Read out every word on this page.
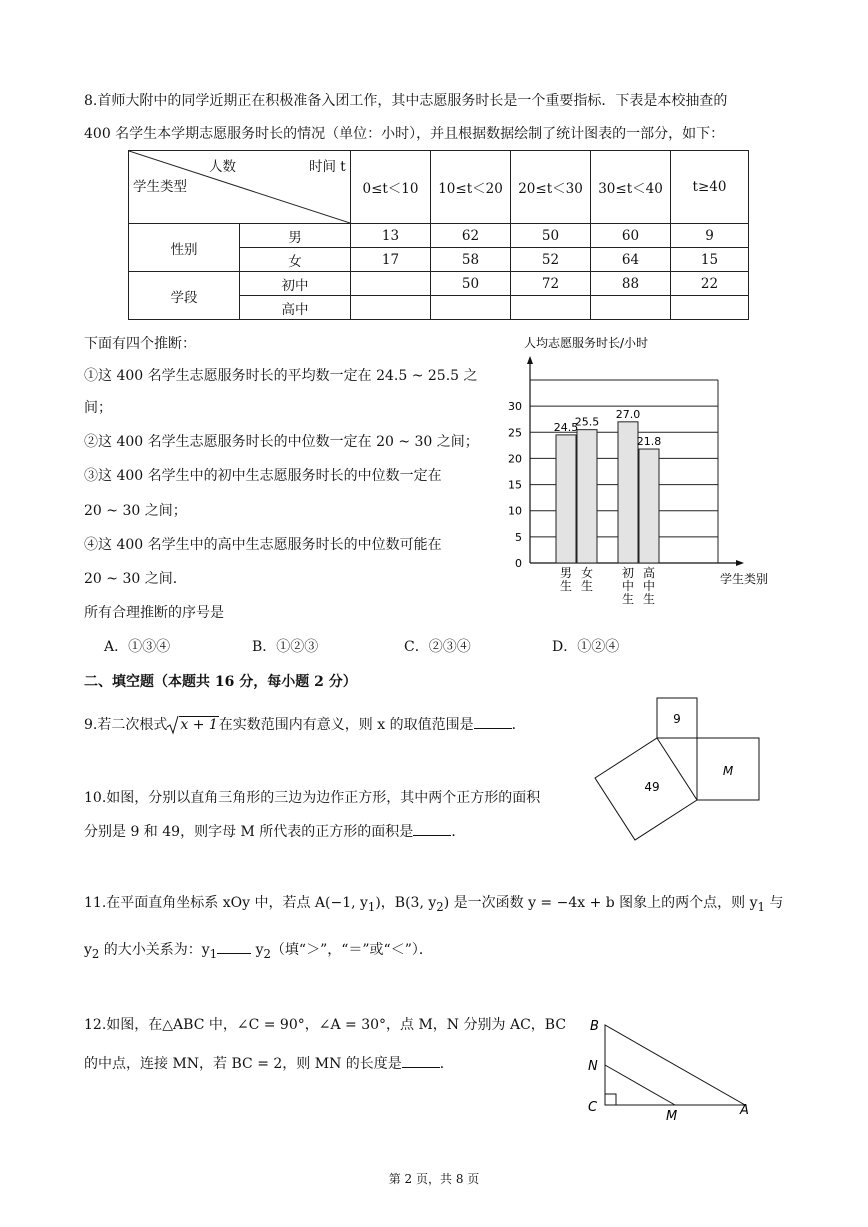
8.首师大附中的同学近期正在积极准备入团工作，其中志愿服务时长是一个重要指标．下表是本校抽查的
400 名学生本学期志愿服务时长的情况（单位：小时），并且根据数据绘制了统计图表的一部分，如下：
人数 时间 t
学生类型		0≤t＜10	10≤t＜20	20≤t＜30	30≤t＜40	t≥40
性别	男	13	62	50	60	9
	女	17	58	52	64	15
学段	初中		50	72	88	22
	高中					
下面有四个推断：
①这 400 名学生志愿服务时长的平均数一定在 24.5 ~ 25.5 之
间；
②这 400 名学生志愿服务时长的中位数一定在 20 ~ 30 之间；
③这 400 名学生中的初中生志愿服务时长的中位数一定在
20 ~ 30 之间；
④这 400 名学生中的高中生志愿服务时长的中位数可能在
20 ~ 30 之间．
所有合理推断的序号是
A．①③④	B．①②③	C．②③④	D．①②④
人均志愿服务时长/小时
学生类别
0
5
10
15
20
25
30
24.5
男
生
25.5
女
生
27.0
初
中
生
21.8
高
中
生
二、填空题（本题共 16 分，每小题 2 分）
9.若二次根式 x + 1在实数范围内有意义，则 x 的取值范围是	．
10.如图，分别以直角三角形的三边为边作正方形，其中两个正方形的面积
分别是 9 和 49，则字母 M 所代表的正方形的面积是	．
9
49
M
11.在平面直角坐标系 xOy 中，若点 A(−1, $y_1$)，B(3, $y_2$) 是一次函数 y = −4x + b 图象上的两个点，则 $y_1$ 与
$y_2$ 的大小关系为：$y_1$ $y_2$（填“＞”，“＝”或“＜”）．
12.如图，在△ABC 中，∠C = 90°，∠A = 30°，点 M，N 分别为 AC，BC
的中点，连接 MN，若 BC = 2，则 MN 的长度是	．
B
N
C
M	A
第 2 页，共 8 页
